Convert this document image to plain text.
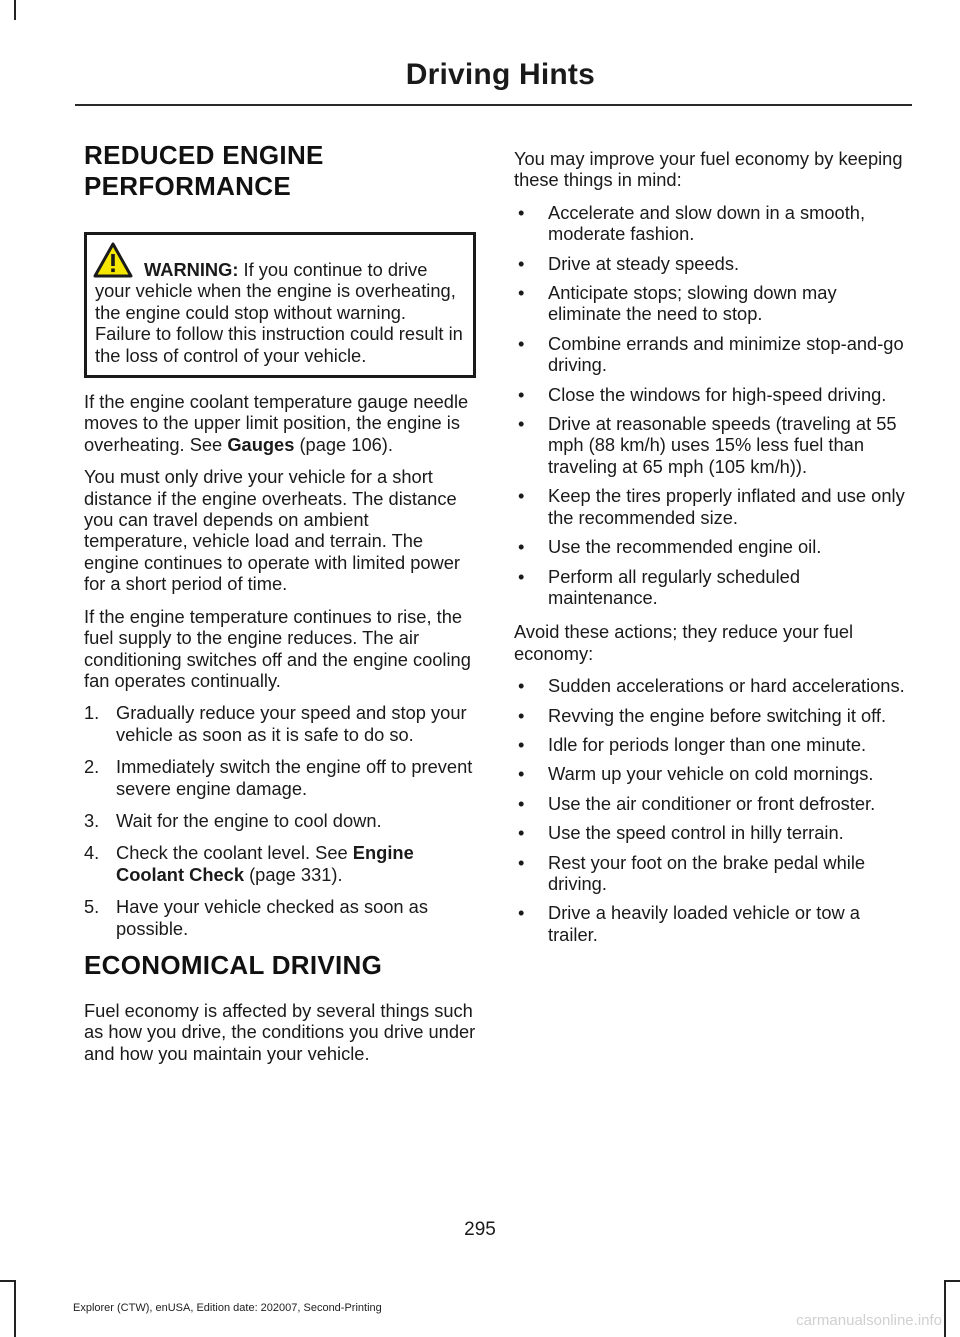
Driving Hints
REDUCED ENGINE
PERFORMANCE
WARNING: If you continue to drive your vehicle when the engine is overheating, the engine could stop without warning. Failure to follow this instruction could result in the loss of control of your vehicle.

If the engine coolant temperature gauge needle moves to the upper limit position, the engine is overheating. See Gauges (page 106).

You must only drive your vehicle for a short distance if the engine overheats. The distance you can travel depends on ambient temperature, vehicle load and terrain. The engine continues to operate with limited power for a short period of time.

If the engine temperature continues to rise, the fuel supply to the engine reduces. The air conditioning switches off and the engine cooling fan operates continually.

1. Gradually reduce your speed and stop your vehicle as soon as it is safe to do so.
2. Immediately switch the engine off to prevent severe engine damage.
3. Wait for the engine to cool down.
4. Check the coolant level. See Engine Coolant Check (page 331).
5. Have your vehicle checked as soon as possible.
ECONOMICAL DRIVING

Fuel economy is affected by several things such as how you drive, the conditions you drive under and how you maintain your vehicle.

You may improve your fuel economy by keeping these things in mind:

• Accelerate and slow down in a smooth, moderate fashion.
• Drive at steady speeds.
• Anticipate stops; slowing down may eliminate the need to stop.
• Combine errands and minimize stop-and-go driving.
• Close the windows for high-speed driving.
• Drive at reasonable speeds (traveling at 55 mph (88 km/h) uses 15% less fuel than traveling at 65 mph (105 km/h)).
• Keep the tires properly inflated and use only the recommended size.
• Use the recommended engine oil.
• Perform all regularly scheduled maintenance.

Avoid these actions; they reduce your fuel economy:

• Sudden accelerations or hard accelerations.
• Revving the engine before switching it off.
• Idle for periods longer than one minute.
• Warm up your vehicle on cold mornings.
• Use the air conditioner or front defroster.
• Use the speed control in hilly terrain.
• Rest your foot on the brake pedal while driving.
• Drive a heavily loaded vehicle or tow a trailer.
295
Explorer (CTW), enUSA, Edition date: 202007, Second-Printing
carmanualsonline.info
